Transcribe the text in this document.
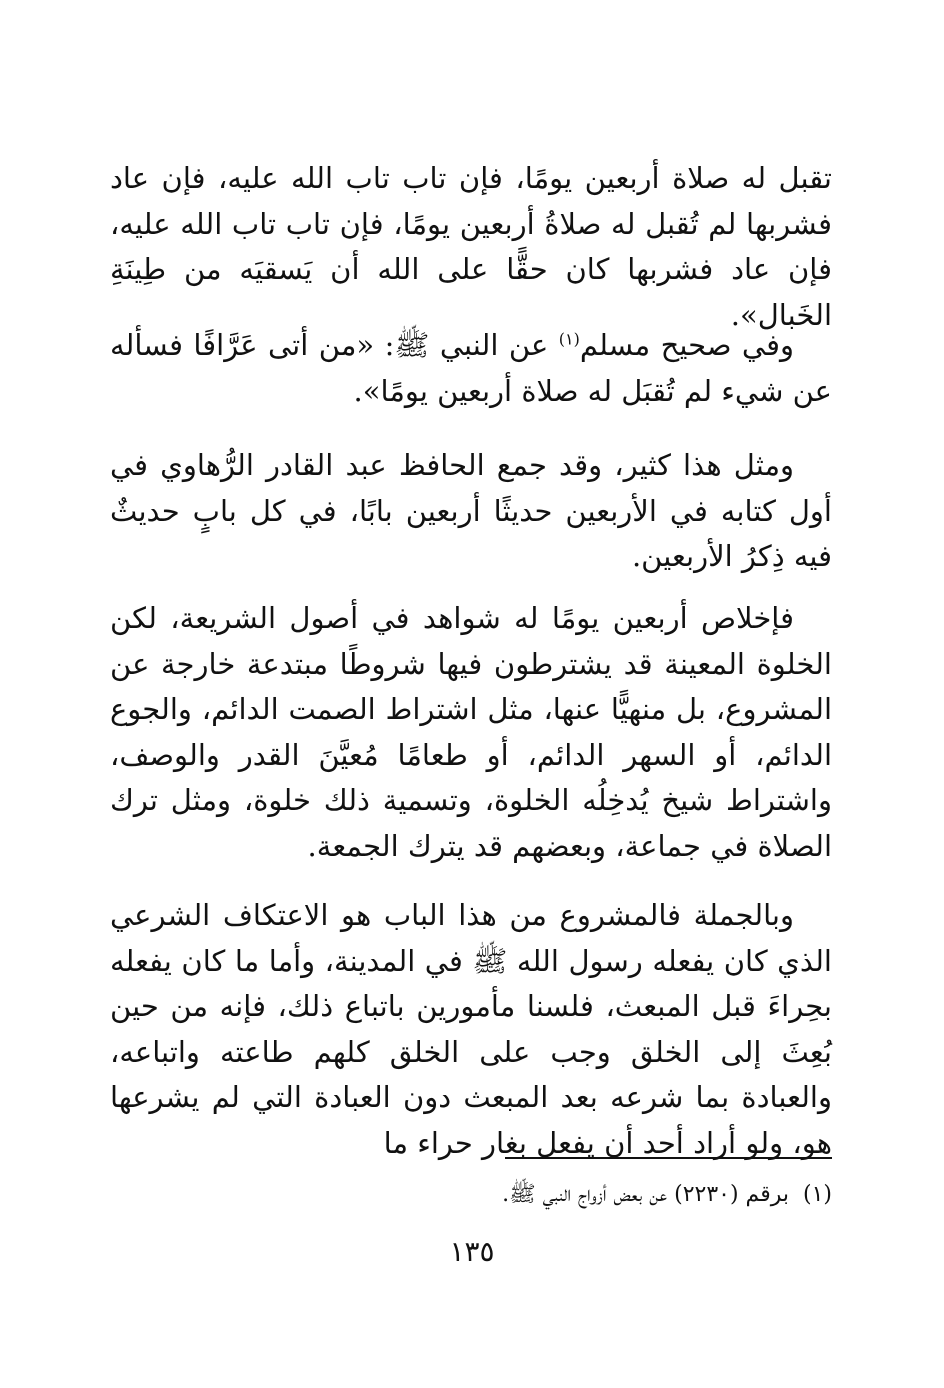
تقبل له صلاة أربعين يومًا، فإن تاب تاب الله عليه، فإن عاد فشربها لم تُقبل له صلاةُ أربعين يومًا، فإن تاب تاب الله عليه، فإن عاد فشربها كان حقًّا على الله أن يَسقيَه من طِينَةِ الخَبال».

وفي صحيح مسلم$^{(١)}$ عن النبي ﷺ: «من أتى عَرَّافًا فسأله عن شيء لم تُقبَل له صلاة أربعين يومًا».

ومثل هذا كثير، وقد جمع الحافظ عبد القادر الرُّهاوي في أول كتابه في الأربعين حديثًا أربعين بابًا، في كل بابٍ حديثٌ فيه ذِكرُ الأربعين.

فإخلاص أربعين يومًا له شواهد في أصول الشريعة، لكن الخلوة المعينة قد يشترطون فيها شروطًا مبتدعة خارجة عن المشروع، بل منهيًّا عنها، مثل اشتراط الصمت الدائم، والجوع الدائم، أو السهر الدائم، أو طعامًا مُعيَّنَ القدر والوصف، واشتراط شيخ يُدخِلُه الخلوة، وتسمية ذلك خلوة، ومثل ترك الصلاة في جماعة، وبعضهم قد يترك الجمعة.

وبالجملة فالمشروع من هذا الباب هو الاعتكاف الشرعي الذي كان يفعله رسول الله ﷺ في المدينة، وأما ما كان يفعله بحِراءَ قبل المبعث، فلسنا مأمورين باتباع ذلك، فإنه من حين بُعِثَ إلى الخلق وجب على الخلق كلهم طاعته واتباعه، والعبادة بما شرعه بعد المبعث دون العبادة التي لم يشرعها هو، ولو أراد أحد أن يفعل بغار حراء ما

(١)برقم (٢٢٣٠) عن بعض أزواج النبي ﷺ.
١٣٥
